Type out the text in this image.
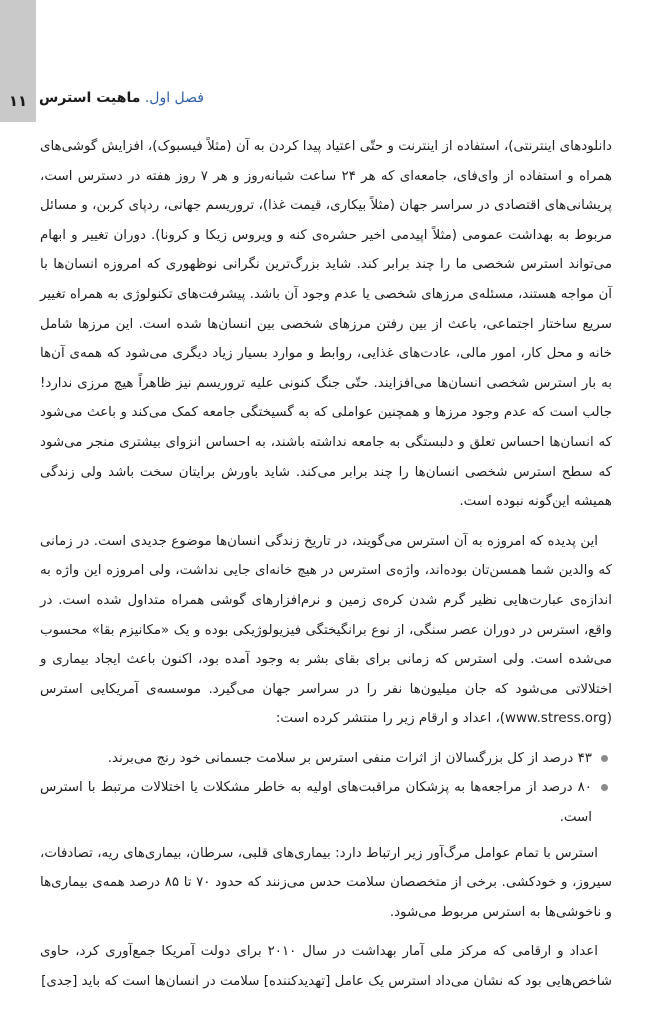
۱۱	فصل اول. ماهیت استرس

دانلودهای اینترنتی)، استفاده از اینترنت و حتّی اعتیاد پیدا کردن به آن (مثلاً فیسبوک)، افزایش گوشی‌های همراه و استفاده از وای‌فای، جامعه‌ای که هر ۲۴ ساعت شبانه‌روز و هر ۷ روز هفته در دسترس است، پریشانی‌های اقتصادی در سراسر جهان (مثلاً بیکاری، قیمت غذا)، تروریسم جهانی، ردپای کربن، و مسائل مربوط به بهداشت عمومی (مثلاً اپیدمی اخیر حشره‌ی کنه و ویروس زیکا و کرونا). دوران تغییر و ابهام می‌تواند استرس شخصی ما را چند برابر کند. شاید بزرگ‌ترین نگرانی نوظهوری که امروزه انسان‌ها با آن مواجه هستند، مسئله‌ی مرزهای شخصی یا عدم وجود آن باشد. پیشرفت‌های تکنولوژی به همراه تغییر سریع ساختار اجتماعی، باعث از بین رفتن مرزهای شخصی بین انسان‌ها شده است. این مرزها شامل خانه و محل کار، امور مالی، عادت‌های غذایی، روابط و موارد بسیار زیاد دیگری می‌شود که همه‌ی آن‌ها به بار استرس شخصی انسان‌ها می‌افزایند. حتّی جنگ کنونی علیه تروریسم نیز ظاهراً هیچ مرزی ندارد! جالب است که عدم وجود مرزها و همچنین عواملی که به گسیختگی جامعه کمک می‌کند و باعث می‌شود که انسان‌ها احساس تعلق و دلبستگی به جامعه نداشته باشند، به احساس انزوای بیشتری منجر می‌شود که سطح استرس شخصی انسان‌ها را چند برابر می‌کند. شاید باورش برایتان سخت باشد ولی زندگی همیشه این‌گونه نبوده است.

این پدیده که امروزه به آن استرس می‌گویند، در تاریخ زندگی انسان‌ها موضوع جدیدی است. در زمانی که والدین شما همسن‌تان بوده‌اند، واژه‌ی استرس در هیچ خانه‌ای جایی نداشت، ولی امروزه این واژه به اندازه‌ی عبارت‌هایی نظیر گرم شدن کره‌ی زمین و نرم‌افزارهای گوشی همراه متداول شده است. در واقع، استرس در دوران عصر سنگی، از نوع برانگیختگی فیزیولوژیکی بوده و یک «مکانیزم بقا» محسوب می‌شده است. ولی استرس که زمانی برای بقای بشر به وجود آمده بود، اکنون باعث ایجاد بیماری و اختلالاتی می‌شود که جان میلیون‌ها نفر را در سراسر جهان می‌گیرد. موسسه‌ی آمریکایی استرس (www.stress.org)، اعداد و ارقام زیر را منتشر کرده است:

۴۳ درصد از کل بزرگسالان از اثرات منفی استرس بر سلامت جسمانی خود رنج می‌برند.
۸۰ درصد از مراجعه‌ها به پزشکان مراقبت‌های اولیه به خاطر مشکلات یا اختلالات مرتبط با استرس است.

استرس با تمام عوامل مرگ‌آور زیر ارتباط دارد: بیماری‌های قلبی، سرطان، بیماری‌های ریه، تصادفات، سیروز، و خودکشی. برخی از متخصصان سلامت حدس می‌زنند که حدود ۷۰ تا ۸۵ درصد همه‌ی بیماری‌ها و ناخوشی‌ها به استرس مربوط می‌شود.

اعداد و ارقامی که مرکز ملی آمار بهداشت در سال ۲۰۱۰ برای دولت آمریکا جمع‌آوری کرد، حاوی شاخص‌هایی بود که نشان می‌داد استرس یک عامل [تهدیدکننده] سلامت در انسان‌ها است که باید [جدی]
